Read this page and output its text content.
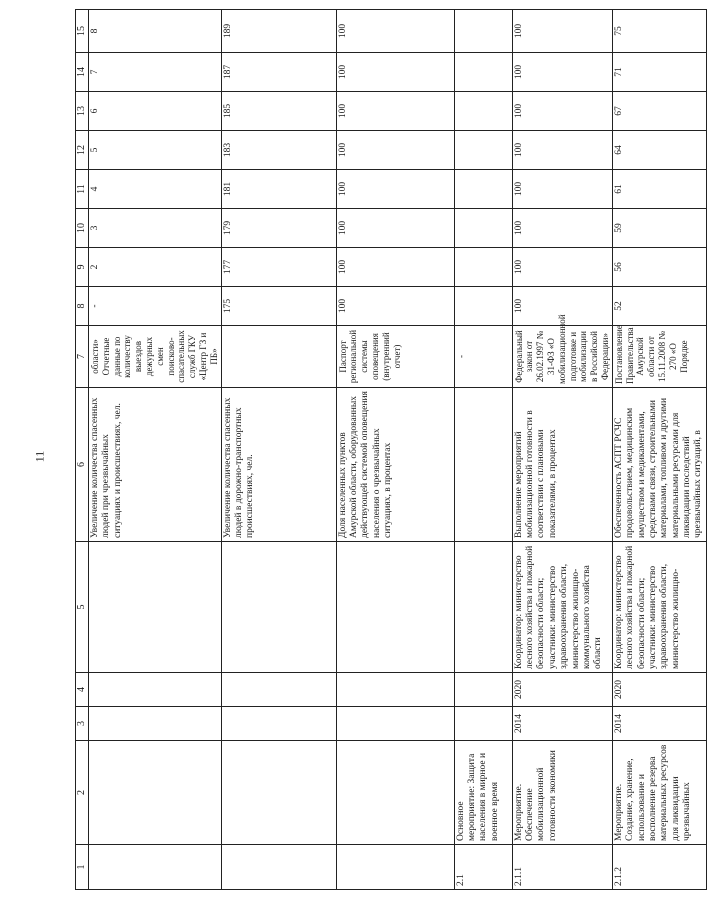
11
1	2	3	4	5	6	7	8	9	10	11	12	13	14	15
					Увеличение количества спасенных людей при чрезвычайных ситуациях и происшествиях, чел.	области» Отчетные данные по количеству выездов дежурных смен поисково-спасательных служб ГКУ «Центр ГЗ и ПБ»	-	2	3	4	5	6	7	8
					Увеличение количества спасенных людей в дорожно-транспортных происшествиях, чел.		175	177	179	181	183	185	187	189
					Доля населенных пунктов Амурской области, оборудованных действующей системой оповещения населения о чрезвычайных ситуациях, в процентах	Паспорт региональной системы оповещения (внутренний отчет)	100	100	100	100	100	100	100	100
2.1	Основное мероприятие: Защита населения в мирное и военное время					-								
2.1.1	Мероприятие. Обеспечение мобилизационной готовности экономики	2014	2020	Координатор: министерство лесного хозяйства и пожарной безопасности области; участники: министерство здравоохранения области, министерство жилищно-коммунального хозяйства области	Выполнение мероприятий мобилизационной готовности в соответствии с плановыми показателями, в процентах	Федеральный закон от 26.02.1997 № 31-ФЗ «О мобилизационной подготовке и мобилизации в Российской Федерации»	100	100	100	100	100	100	100	100
2.1.2	Мероприятие. Создание, хранение, использование и восполнение резерва материальных ресурсов для ликвидации чрезвычайных	2014	2020	Координатор: министерство лесного хозяйства и пожарной безопасности области; участники: министерство здравоохранения области, министерство жилищно-	Обеспеченность АСПТ РСЧС продовольствием, медицинским имуществом и медикаментами, средствами связи, строительными материалами, топливом и другими материальными ресурсами для ликвидации последствий чрезвычайных ситуаций, в	Постановление Правительства Амурской области от 15.11.2008 № 270 «О Порядке	52	56	59	61	64	67	71	75
